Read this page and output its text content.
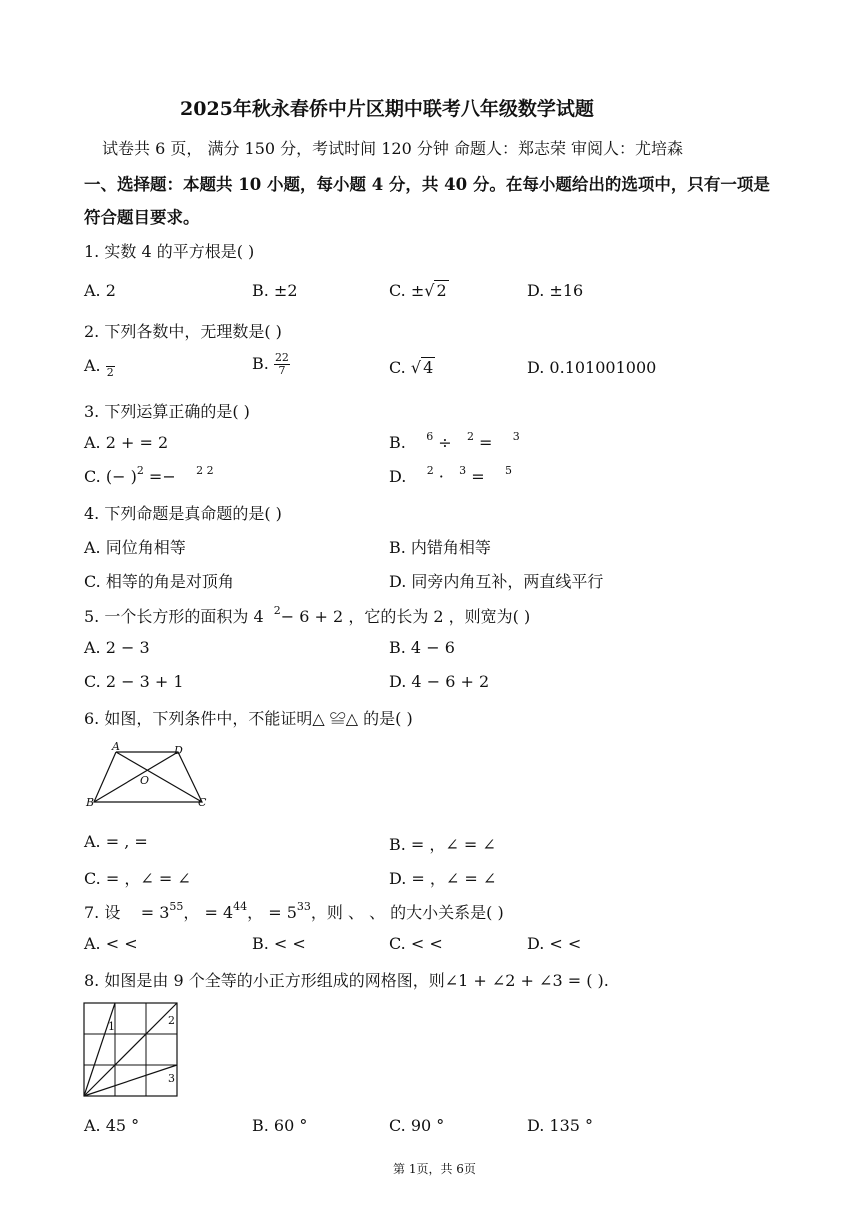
2025年秋永春侨中片区期中联考八年级数学试题
试卷共 6 页， 满分 150 分，考试时间 120 分钟 命题人：郑志荣 审阅人：尤培森
一、选择题：本题共 10 小题，每小题 4 分，共 40 分。在每小题给出的选项中，只有一项是
符合题目要求。
1. 实数 4 的平方根是( )
A. 2	B. ±2	C. ±√ 2	D. ±16
2. 下列各数中，无理数是( )
A.
2	B. $\frac{22}{7}$	C. √ 4	D. 0.101001000
3. 下列运算正确的是( )
A. 2 + = 2	B. $^6$ ÷ $^2$ = $^3$
C. (− )$^2$ =− $^{2 2}$	D. $^2$ · $^3$ = $^5$
4. 下列命题是真命题的是( )
A. 同位角相等	B. 内错角相等
C. 相等的角是对顶角	D. 同旁内角互补，两直线平行
5. 一个长方形的面积为 4 $^2$− 6 + 2 ，它的长为 2 ，则宽为( )
A. 2 − 3	B. 4 − 6
C. 2 − 3 + 1	D. 4 − 6 + 2
6. 如图，下列条件中，不能证明△ ≌△ 的是( )
A	D
O
B	C
A. = , =	B. = ，∠ = ∠
C. = ，∠ = ∠	D. = ，∠ = ∠
7. 设 = $3^{55}$， = $4^{44}$， = $5^{33}$，则 、 、 的大小关系是( )
A. < <	B. < <	C. < <	D. < <
8. 如图是由 9 个全等的小正方形组成的网格图，则∠1 + ∠2 + ∠3 = ( ).
1	2
3
A. 45 °	B. 60 °	C. 90 °	D. 135 °
第 1页，共 6页
